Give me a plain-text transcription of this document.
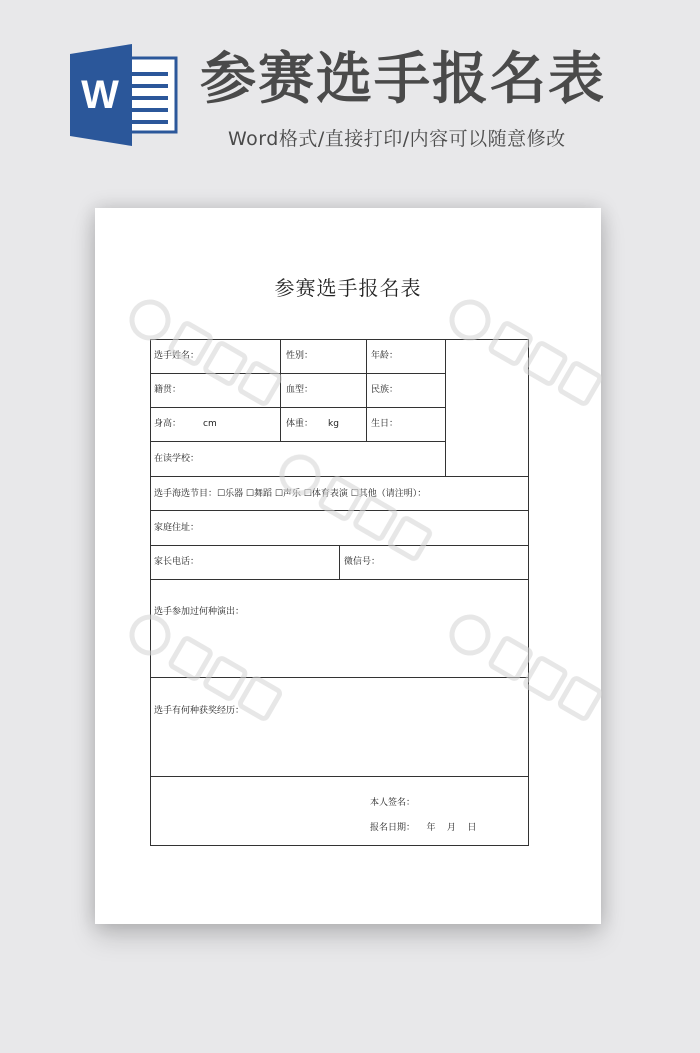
W 参赛选手报名表
Word格式/直接打印/内容可以随意修改
参赛选手报名表
选手姓名：	性别：	年龄：
籍贯：	血型：	民族：
身高： cm	体重： kg	生日：
在读学校：
选手海选节目：☐乐器 ☐舞蹈 ☐声乐 ☐体育表演 ☐其他（请注明）：
家庭住址：
家长电话：	微信号：
选手参加过何种演出：
选手有何种获奖经历：
本人签名：
报名日期：    年    月    日
